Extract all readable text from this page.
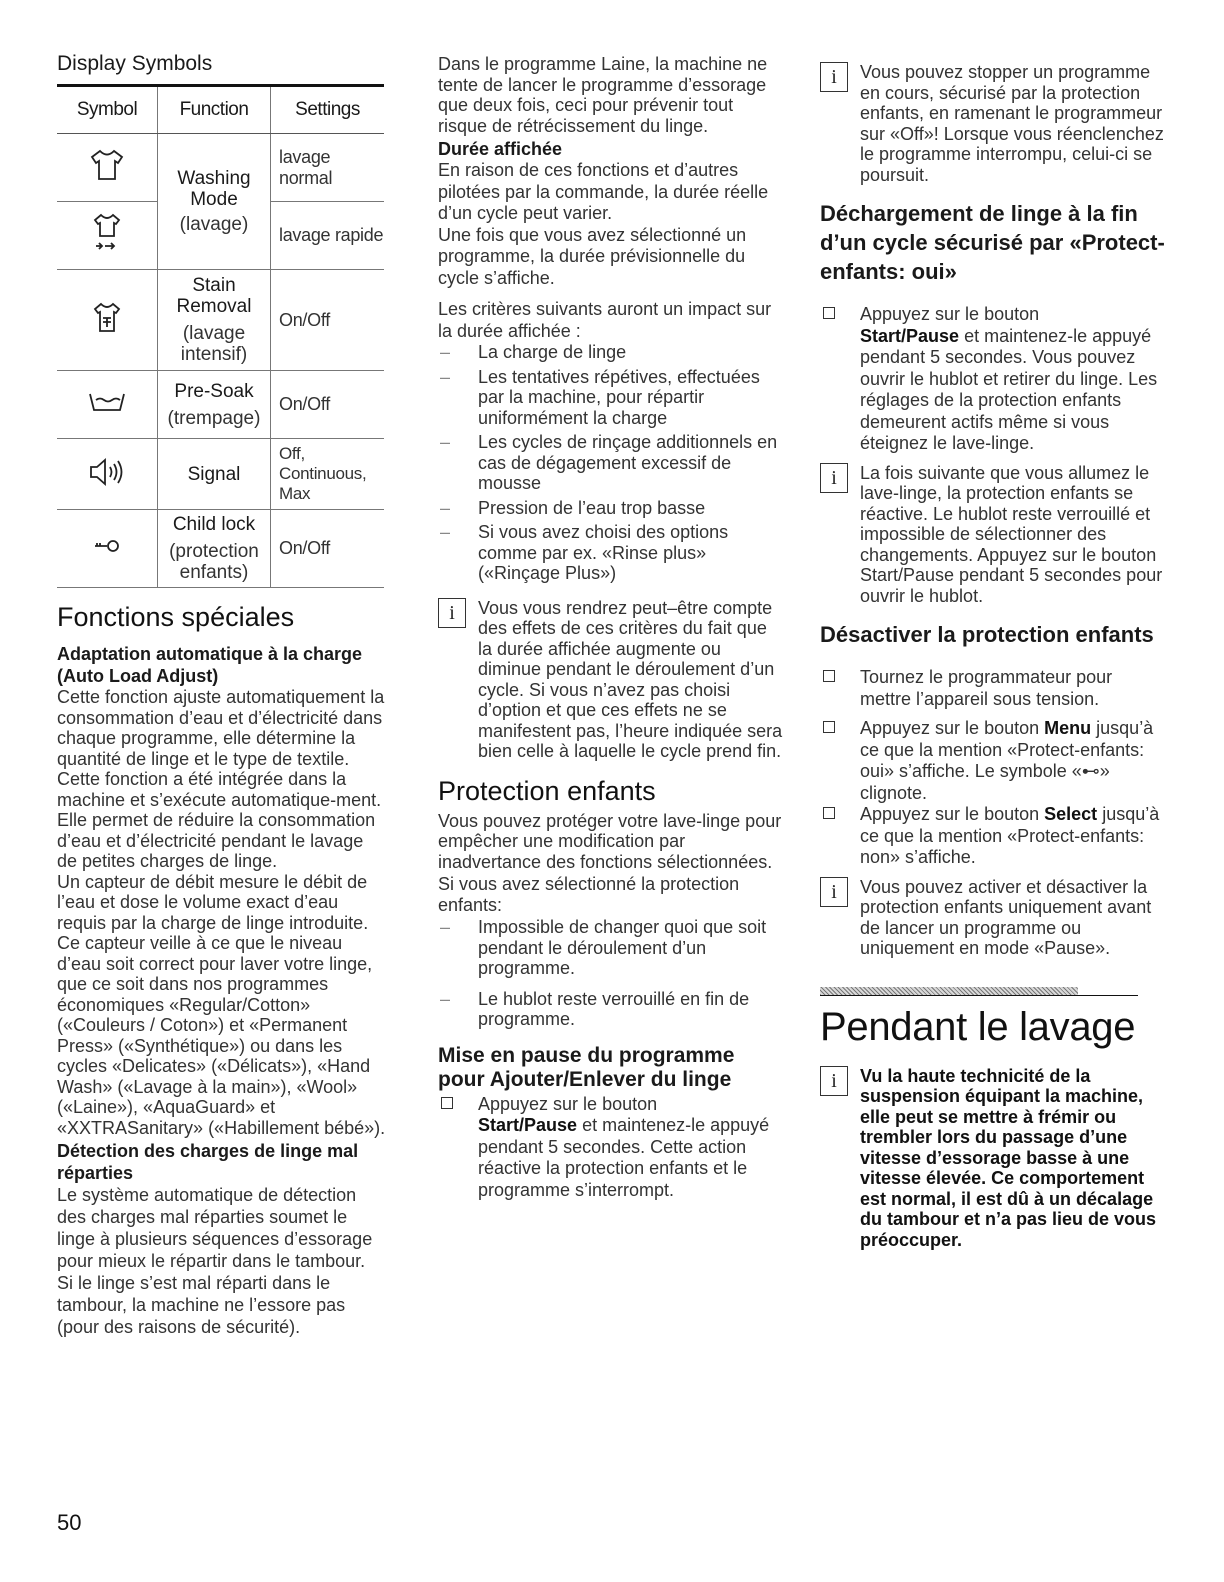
Display Symbols
Symbol	Function	Settings

Washing Mode
(lavage)	lavage normal
	lavage rapide

Stain Removal
(lavage intensif)	On/Off

Pre-Soak
(trempage)	On/Off

Signal	Off, Continuous, Max

Child lock
(protection enfants)	On/Off
Fonctions spéciales
Adaptation automatique à la charge (Auto Load Adjust)

Cette fonction ajuste automatiquement la consommation d’eau et d’électricité dans chaque programme, elle détermine la quantité de linge et le type de textile.

Cette fonction a été intégrée dans la machine et s’exécute automatique-ment.

Elle permet de réduire la consommation d’eau et d’électricité pendant le lavage de petites charges de linge.

Un capteur de débit mesure le débit de l’eau et dose le volume exact d’eau requis par la charge de linge introduite.

Ce capteur veille à ce que le niveau d’eau soit correct pour laver votre linge, que ce soit dans nos programmes économiques «Regular/Cotton» («Couleurs / Coton») et «Permanent Press» («Synthétique») ou dans les cycles «Delicates» («Délicats»), «Hand Wash» («Lavage à la main»), «Wool» («Laine»), «AquaGuard» et «XXTRASanitary» («Habillement bébé»).

Détection des charges de linge mal réparties

Le système automatique de détection des charges mal réparties soumet le linge à plusieurs séquences d’essorage pour mieux le répartir dans le tambour.

Si le linge s’est mal réparti dans le tambour, la machine ne l’essore pas (pour des raisons de sécurité).

Dans le programme Laine, la machine ne tente de lancer le programme d’essorage que deux fois, ceci pour prévenir tout risque de rétrécissement du linge.

Durée affichée

En raison de ces fonctions et d’autres pilotées par la commande, la durée réelle d’un cycle peut varier.

Une fois que vous avez sélectionné un programme, la durée prévisionnelle du cycle s’affiche.

Les critères suivants auront un impact sur la durée affichée :

– La charge de linge
– Les tentatives répétives, effectuées par la machine, pour répartir uniformément la charge
– Les cycles de rinçage additionnels en cas de dégagement excessif de mousse
– Pression de l’eau trop basse
– Si vous avez choisi des options comme par ex. «Rinse plus» («Rinçage Plus»)
i	Vous vous rendrez peut–être compte des effets de ces critères du fait que la durée affichée augmente ou diminue pendant le déroulement d’un cycle. Si vous n’avez pas choisi d’option et que ces effets ne se manifestent pas, l’heure indiquée sera bien celle à laquelle le cycle prend fin.
Protection enfants

Vous pouvez protéger votre lave-linge pour empêcher une modification par inadvertance des fonctions sélectionnées.

Si vous avez sélectionné la protection enfants:

– Impossible de changer quoi que soit pendant le déroulement d’un programme.
– Le hublot reste verrouillé en fin de programme.
Mise en pause du programme pour Ajouter/Enlever du linge
Appuyez sur le bouton
Start/Pause et maintenez-le appuyé pendant 5 secondes. Cette action réactive la protection enfants et le programme s’interrompt.
i	Vous pouvez stopper un programme en cours, sécurisé par la protection enfants, en ramenant le programmeur sur «Off»! Lorsque vous réenclenchez le programme interrompu, celui-ci se poursuit.
Déchargement de linge à la fin d’un cycle sécurisé par «Protect-enfants: oui»
Appuyez sur le bouton
Start/Pause et maintenez-le appuyé pendant 5 secondes. Vous pouvez ouvrir le hublot et retirer du linge. Les réglages de la protection enfants demeurent actifs même si vous éteignez le lave-linge.
i	La fois suivante que vous allumez le lave-linge, la protection enfants se réactive. Le hublot reste verrouillé et impossible de sélectionner des changements. Appuyez sur le bouton Start/Pause pendant 5 secondes pour ouvrir le hublot.
Désactiver la protection enfants
Tournez le programmateur pour mettre l’appareil sous tension.
Appuyez sur le bouton Menu jusqu’à ce que la mention «Protect-enfants: oui» s’affiche. Le symbole «⊷» clignote.
Appuyez sur le bouton Select jusqu’à ce que la mention «Protect-enfants: non» s’affiche.
i	Vous pouvez activer et désactiver la protection enfants uniquement avant de lancer un programme ou uniquement en mode «Pause».
Pendant le lavage
i	Vu la haute technicité de la suspension équipant la machine, elle peut se mettre à frémir ou trembler lors du passage d’une vitesse d’essorage basse à une vitesse élevée. Ce comportement est normal, il est dû à un décalage du tambour et n’a pas lieu de vous préoccuper.
50
